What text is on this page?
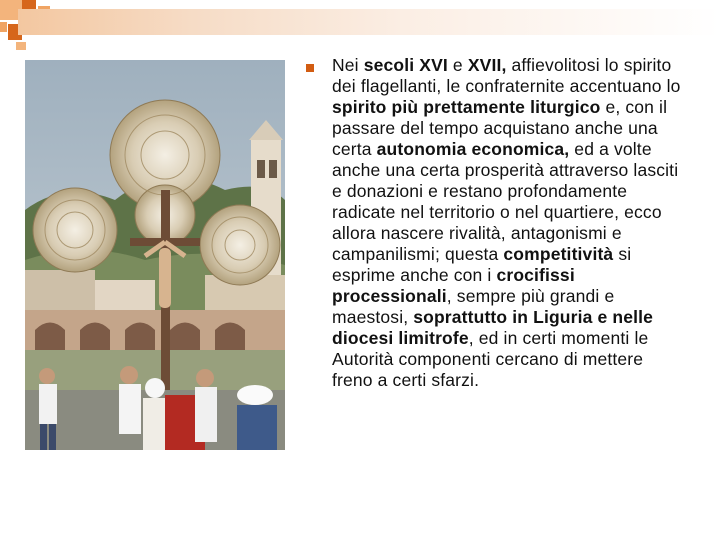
Nei secoli XVI e XVII, affievolitosi lo spirito dei flagellanti, le confraternite accentuano lo spirito più prettamente liturgico e, con il passare del tempo acquistano anche una certa autonomia economica, ed a volte anche una certa prosperità attraverso lasciti e donazioni e restano profondamente radicate nel territorio o nel quartiere, ecco allora nascere rivalità, antagonismi e campanilismi; questa competitività si esprime anche con i crocifissi processionali, sempre più grandi e maestosi, soprattutto in Liguria e nelle diocesi limitrofe, ed in certi momenti le Autorità componenti cercano di mettere freno a certi sfarzi.
